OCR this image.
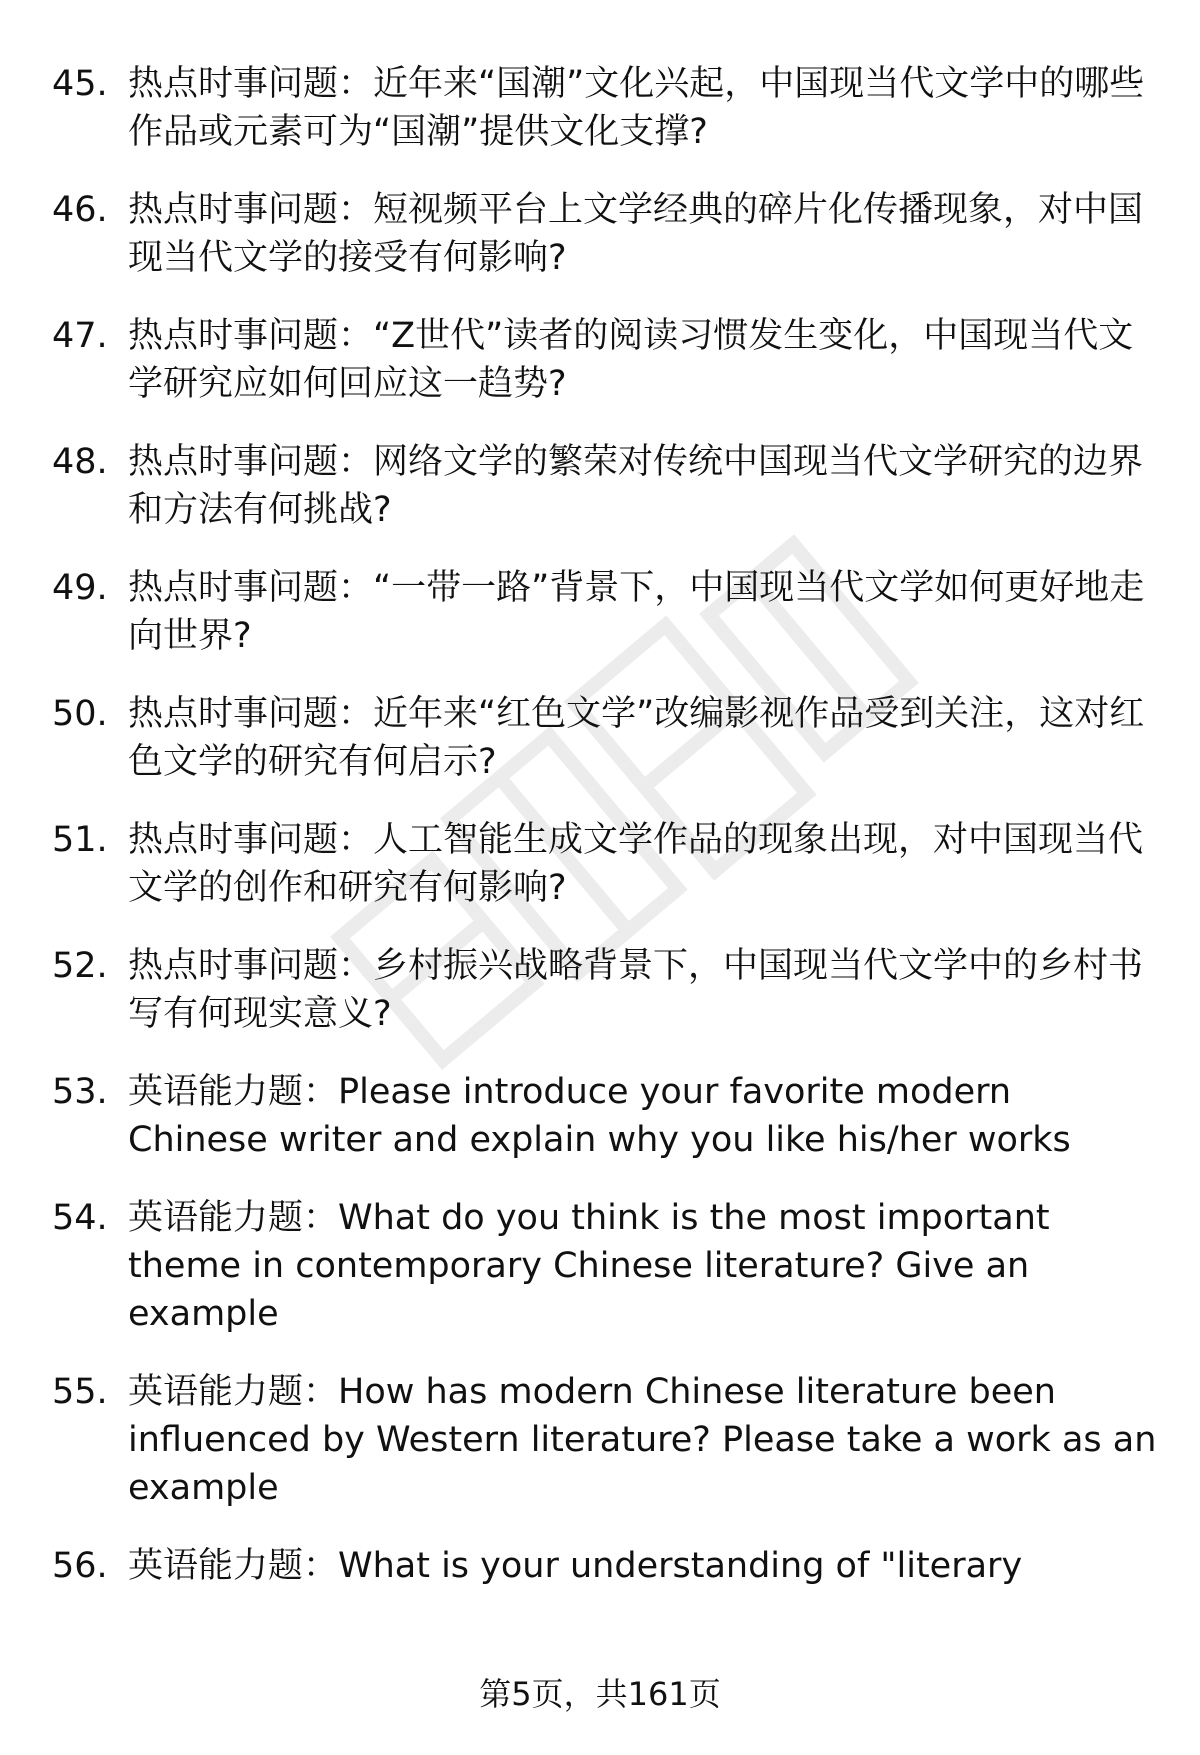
45. 热点时事问题：近年来“国潮”文化兴起，中国现当代文学中的哪些作品或元素可为“国潮”提供文化支撑?
46. 热点时事问题：短视频平台上文学经典的碎片化传播现象，对中国现当代文学的接受有何影响?
47. 热点时事问题：“Z世代”读者的阅读习惯发生变化，中国现当代文学研究应如何回应这一趋势?
48. 热点时事问题：网络文学的繁荣对传统中国现当代文学研究的边界和方法有何挑战?
49. 热点时事问题：“一带一路”背景下，中国现当代文学如何更好地走向世界?
50. 热点时事问题：近年来“红色文学”改编影视作品受到关注，这对红色文学的研究有何启示?
51. 热点时事问题：人工智能生成文学作品的现象出现，对中国现当代文学的创作和研究有何影响?
52. 热点时事问题：乡村振兴战略背景下，中国现当代文学中的乡村书写有何现实意义?
53. 英语能力题：Please introduce your favorite modern Chinese writer and explain why you like his/her works
54. 英语能力题：What do you think is the most important theme in contemporary Chinese literature? Give an example
55. 英语能力题：How has modern Chinese literature been influenced by Western literature? Please take a work as an example
56. 英语能力题：What is your understanding of "literary
第5页，共161页
